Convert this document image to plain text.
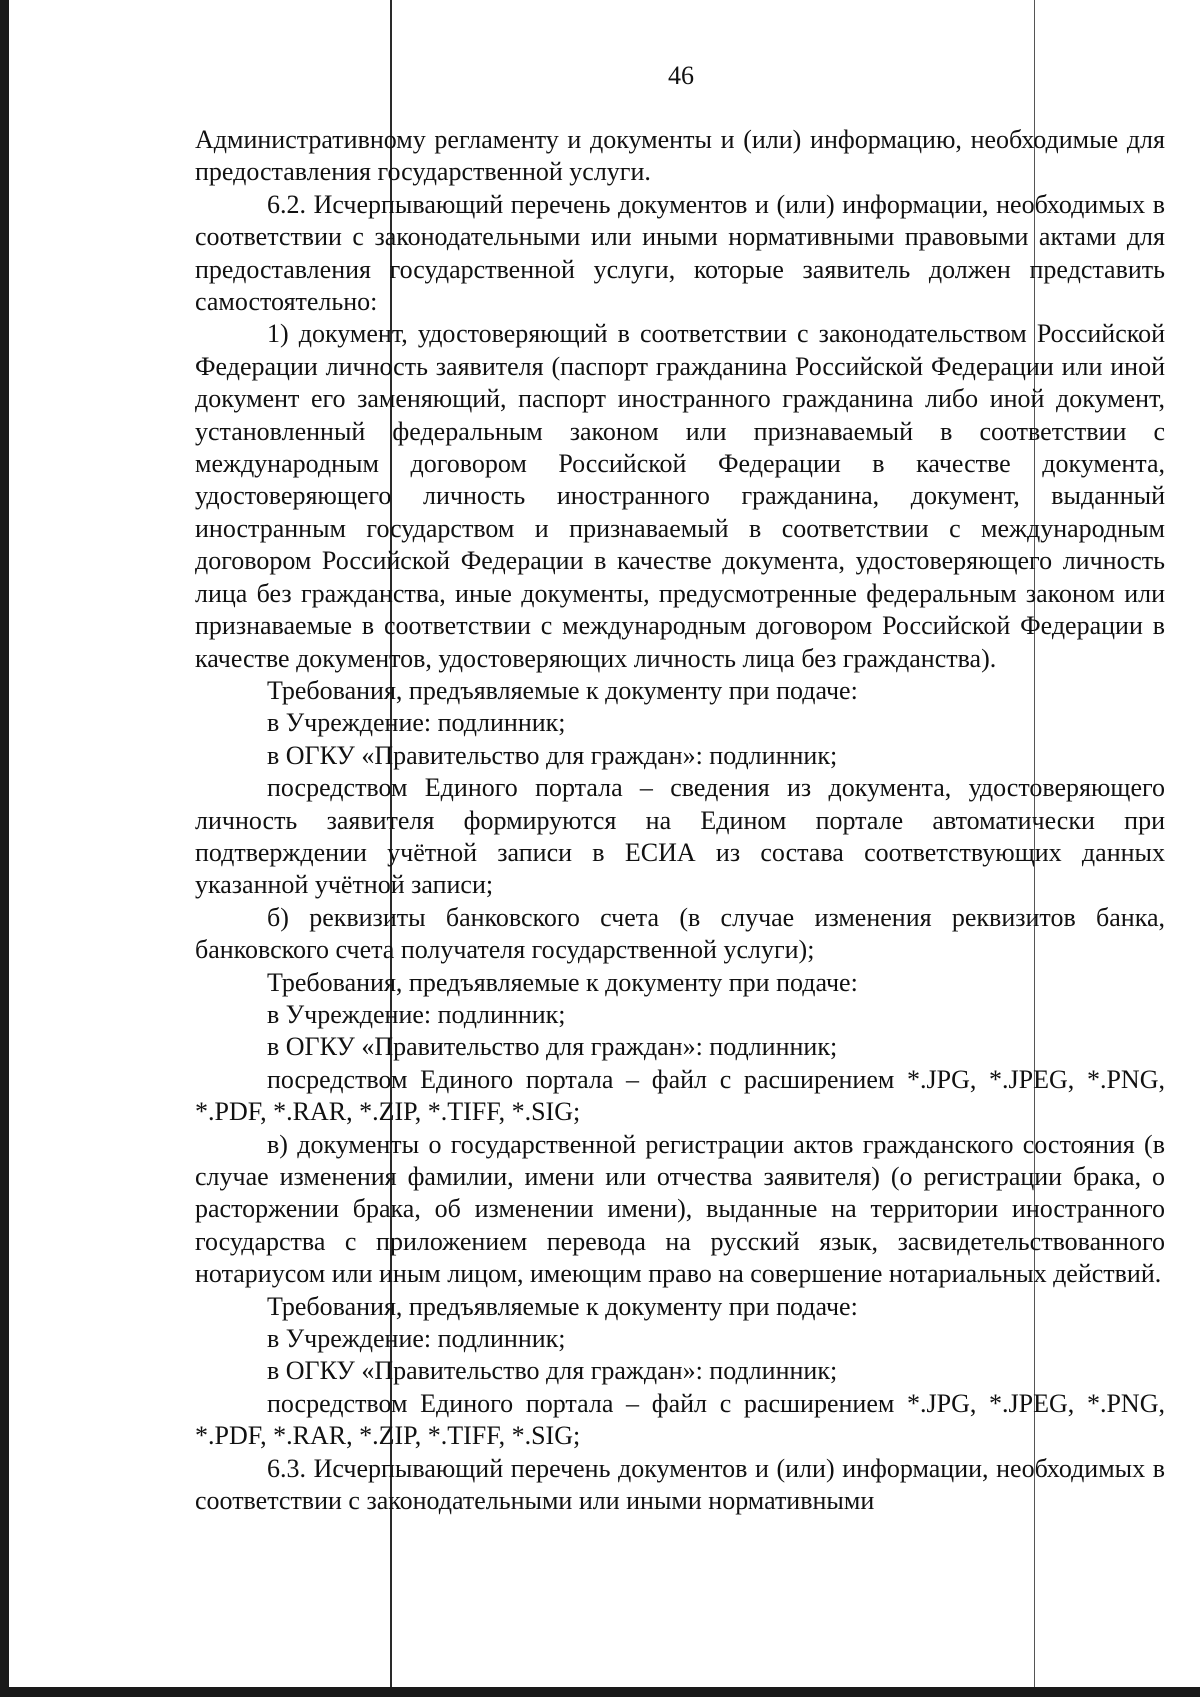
46

Административному регламенту и документы и (или) информацию, необходимые для предоставления государственной услуги.

6.2. Исчерпывающий перечень документов и (или) информации, необходимых в соответствии с законодательными или иными нормативными правовыми актами для предоставления государственной услуги, которые заявитель должен представить самостоятельно:

1) документ, удостоверяющий в соответствии с законодательством Российской Федерации личность заявителя (паспорт гражданина Российской Федерации или иной документ его заменяющий, паспорт иностранного гражданина либо иной документ, установленный федеральным законом или признаваемый в соответствии с международным договором Российской Федерации в качестве документа, удостоверяющего личность иностранного гражданина, документ, выданный иностранным государством и признаваемый в соответствии с международным договором Российской Федерации в качестве документа, удостоверяющего личность лица без гражданства, иные документы, предусмотренные федеральным законом или признаваемые в соответствии с международным договором Российской Федерации в качестве документов, удостоверяющих личность лица без гражданства).

Требования, предъявляемые к документу при подаче:

в Учреждение: подлинник;

в ОГКУ «Правительство для граждан»: подлинник;

посредством Единого портала – сведения из документа, удостоверяющего личность заявителя формируются на Едином портале автоматически при подтверждении учётной записи в ЕСИА из состава соответствующих данных указанной учётной записи;

б) реквизиты банковского счета (в случае изменения реквизитов банка, банковского счета получателя государственной услуги);

Требования, предъявляемые к документу при подаче:

в Учреждение: подлинник;

в ОГКУ «Правительство для граждан»: подлинник;

посредством Единого портала – файл с расширением *.JPG, *.JPEG, *.PNG, *.PDF, *.RAR, *.ZIP, *.TIFF, *.SIG;

в) документы о государственной регистрации актов гражданского состояния (в случае изменения фамилии, имени или отчества заявителя) (о регистрации брака, о расторжении брака, об изменении имени), выданные на территории иностранного государства с приложением перевода на русский язык, засвидетельствованного нотариусом или иным лицом, имеющим право на совершение нотариальных действий.

Требования, предъявляемые к документу при подаче:

в Учреждение: подлинник;

в ОГКУ «Правительство для граждан»: подлинник;

посредством Единого портала – файл с расширением *.JPG, *.JPEG, *.PNG, *.PDF, *.RAR, *.ZIP, *.TIFF, *.SIG;

6.3. Исчерпывающий перечень документов и (или) информации, необходимых в соответствии с законодательными или иными нормативными
